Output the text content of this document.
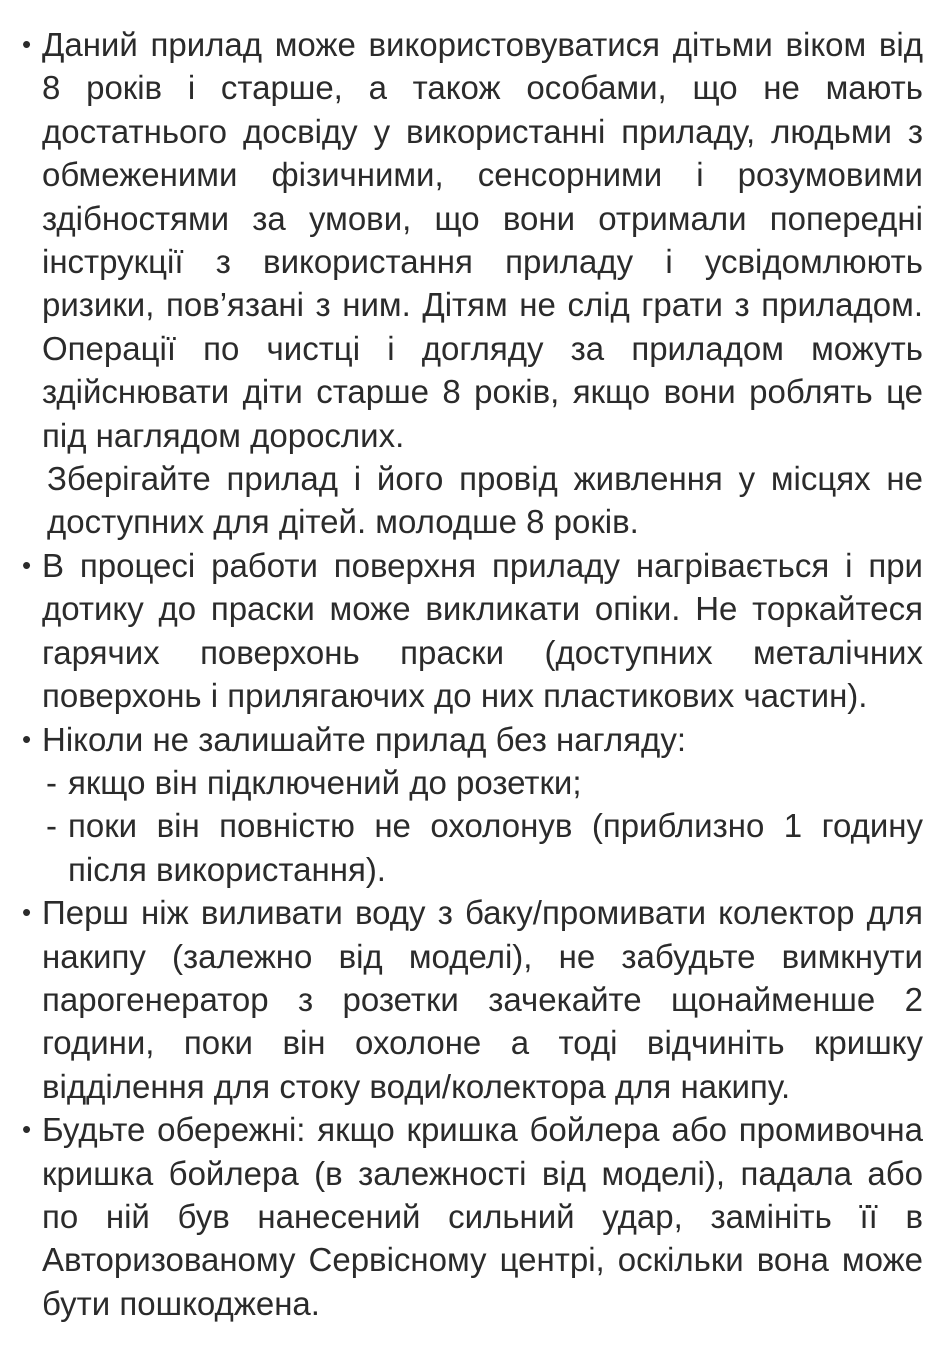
• Даний прилад може використовуватися дітьми віком від 8 років і старше, а також особами, що не мають достатнього досвіду у використанні приладу, людьми з обмеженими фізичними, сенсорними і розумовими здібностями за умови, що вони отримали попередні інструкції з використання приладу і усвідомлюють ризики, пов’язані з ним. Дітям не слід грати з приладом. Операції по чистці і догляду за приладом можуть здійснювати діти старше 8 років, якщо вони роблять це під наглядом дорослих.

Зберігайте прилад і його провід живлення у місцях не доступних для дітей. молодше 8 років.

• В процесі работи поверхня приладу нагрівається і при дотику до праски може викликати опіки. Не торкайтеся гарячих поверхонь праски (доступних металічних поверхонь і прилягаючих до них пластикових частин).

• Ніколи не залишайте прилад без нагляду:

- якщо він підключений до розетки;
- поки він повністю не охолонув (приблизно 1 годину після використання).
• Перш ніж виливати воду з баку/промивати колектор для накипу (залежно від моделі), не забудьте вимкнути парогенератор з розетки зачекайте щонайменше 2 години, поки він охолоне а тоді відчиніть кришку відділення для стоку води/колектора для накипу.

• Будьте обережні: якщо кришка бойлера або промивочна кришка бойлера (в залежності від моделі), падала або по ній був нанесений сильний удар, замініть її в Авторизованому Сервісному центрі, оскільки вона може бути пошкоджена.
